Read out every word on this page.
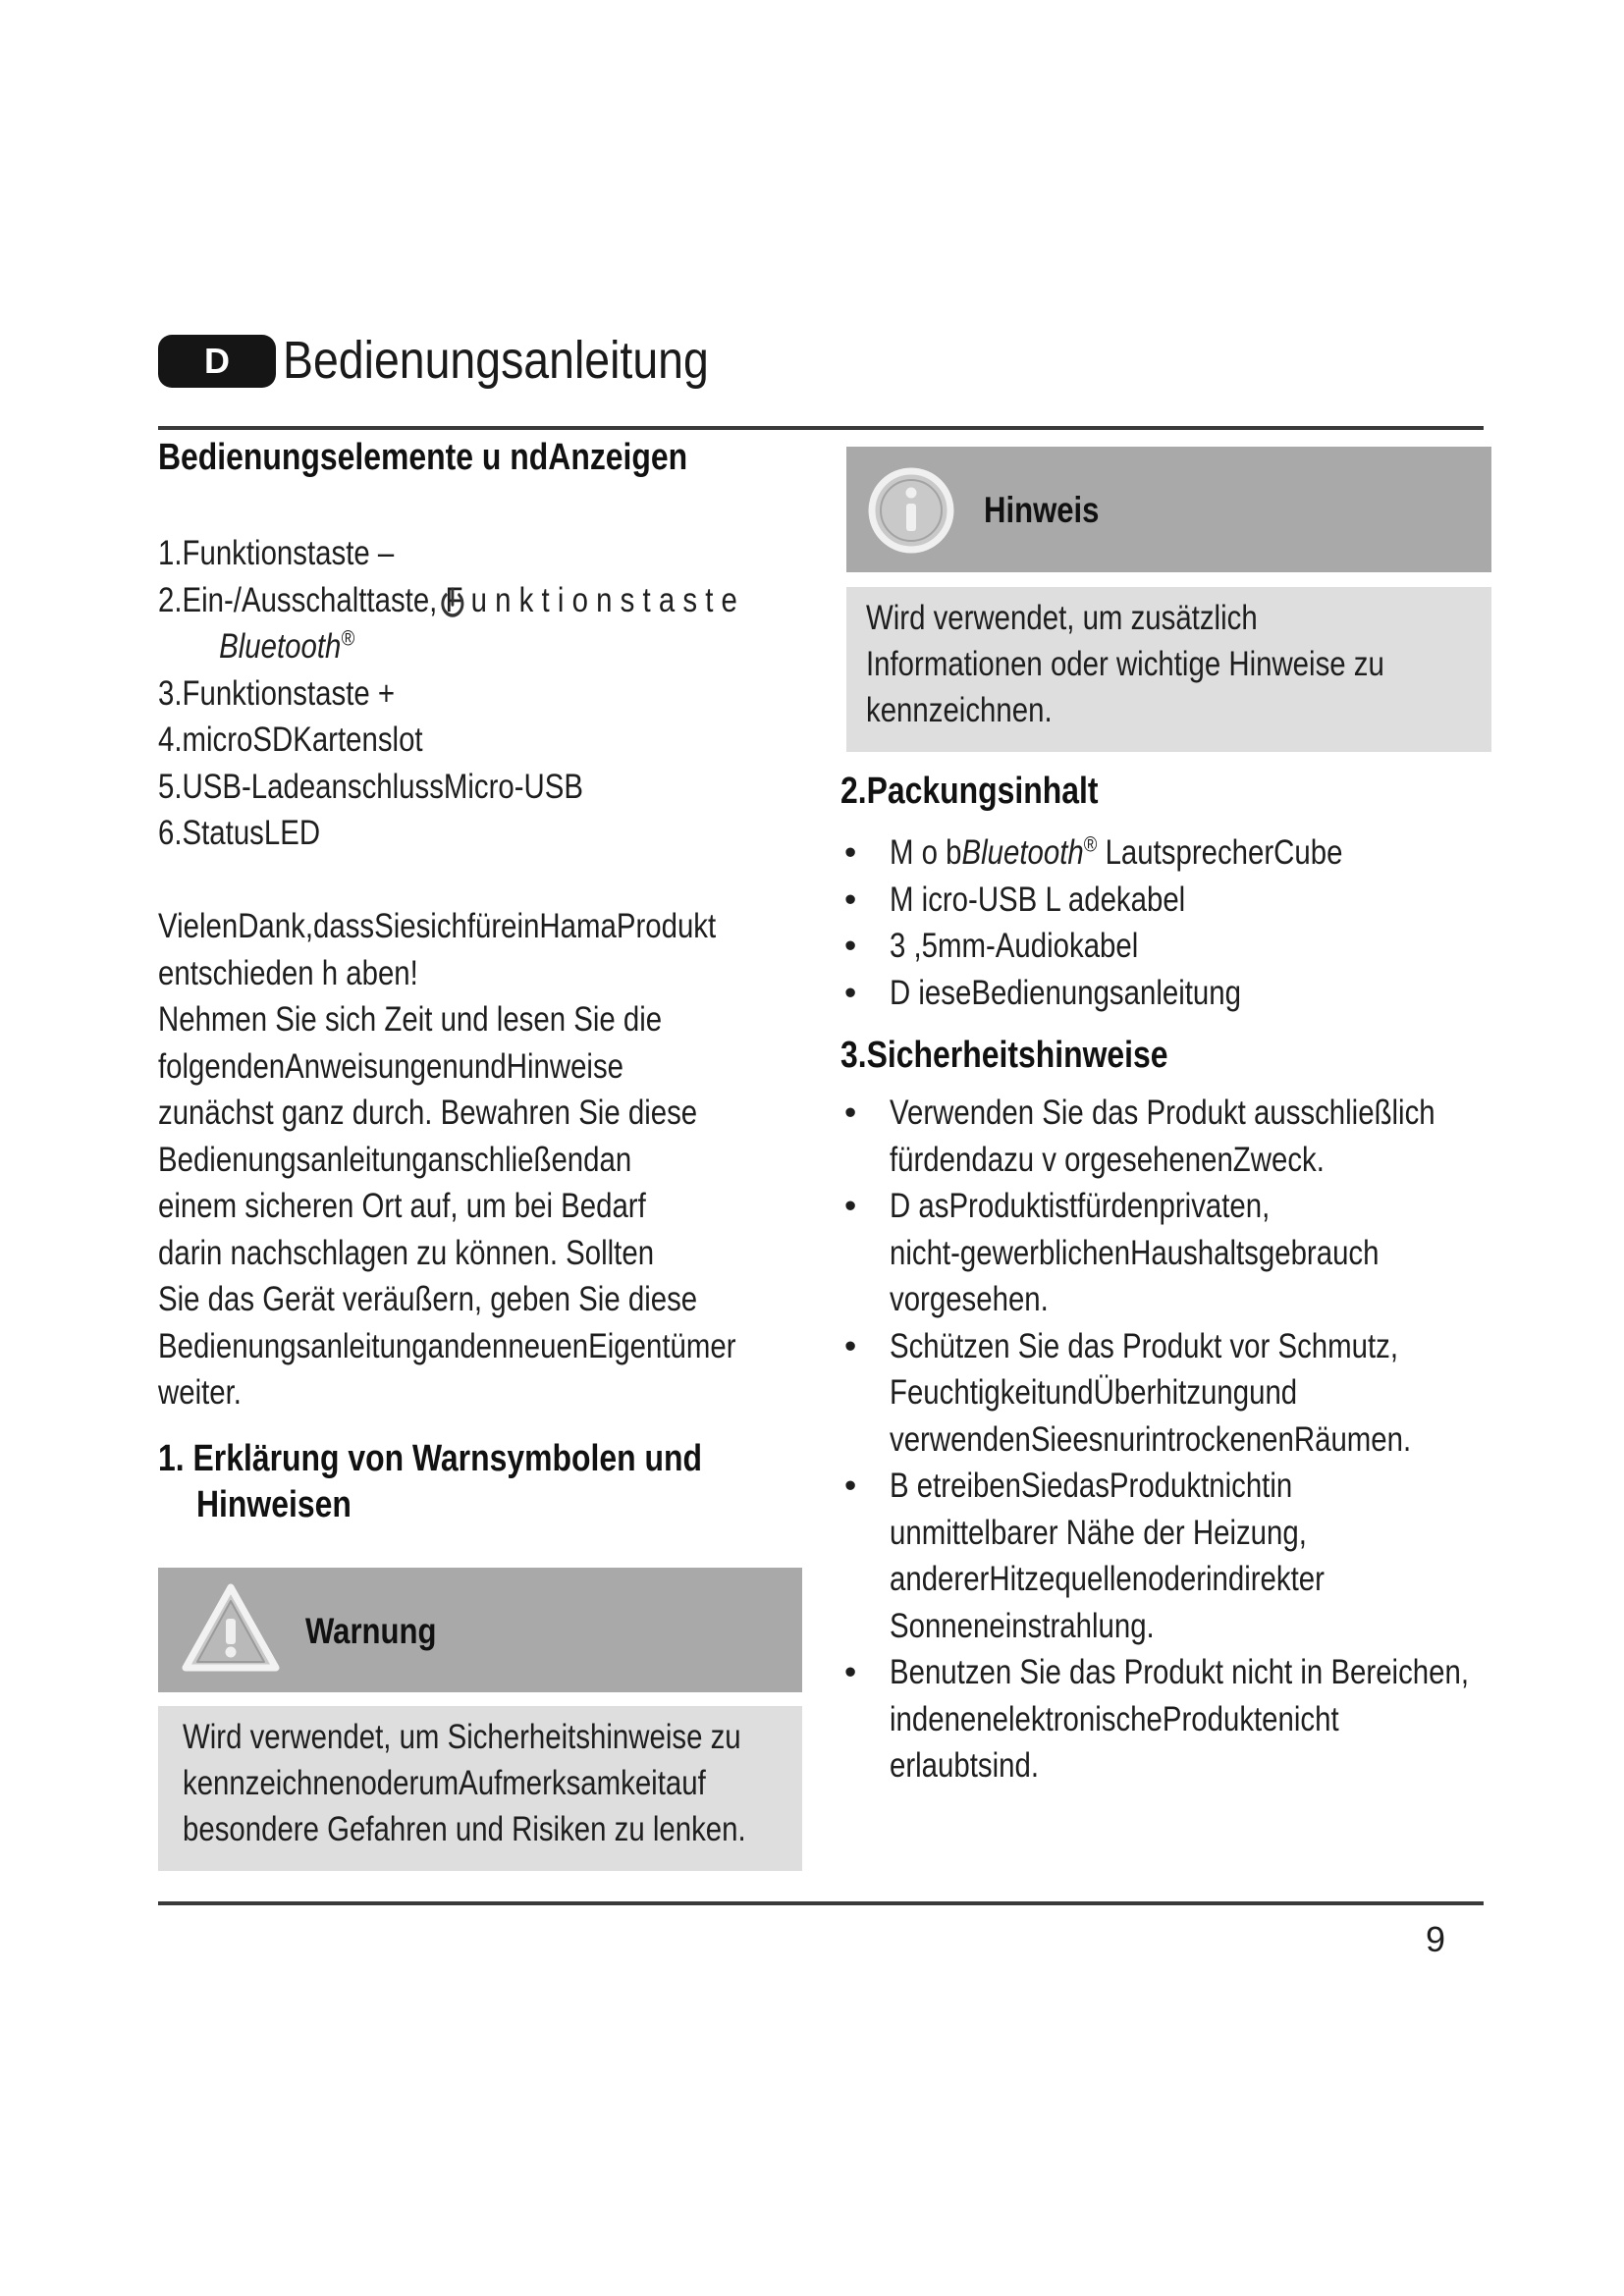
D	Bedienungsanleitung
Bedienungselemente u ndAnzeigen
1.Funktionstaste –
2.Ein-/Ausschalttaste, F u n k t i o n s t a s t e
Bluetooth®
3.Funktionstaste +
4.microSDKartenslot
5.USB-LadeanschlussMicro-USB
6.StatusLED
VielenDank,dassSiesichfüreinHamaProdukt
entschieden h aben!
Nehmen Sie sich Zeit und lesen Sie die
folgendenAnweisungenundHinweise
zunächst ganz durch. Bewahren Sie diese
Bedienungsanleitunganschließendan
einem sicheren Ort auf, um bei Bedarf
darin nachschlagen zu können. Sollten
Sie das Gerät veräußern, geben Sie diese
BedienungsanleitungandenneuenEigentümer
weiter.
1. Erklärung von Warnsymbolen und
Hinweisen
Warnung
Wird verwendet, um Sicherheitshinweise zu
kennzeichnenoderumAufmerksamkeitauf
besondere Gefahren und Risiken zu lenken.
Hinweis
Wird verwendet, um zusätzlich
Informationen oder wichtige Hinweise zu
kennzeichnen.
2.Packungsinhalt
• M o bBluetooth® LautsprecherCube
• M icro-USB L adekabel
• 3 ,5mm-Audiokabel
• D ieseBedienungsanleitung
3.Sicherheitshinweise
• Verwenden Sie das Produkt ausschließlich
fürdendazu v orgesehenenZweck.
• D asProduktistfürdenprivaten,
nicht-gewerblichenHaushaltsgebrauch
vorgesehen.
• Schützen Sie das Produkt vor Schmutz,
FeuchtigkeitundÜberhitzungund
verwendenSieesnurintrockenenRäumen.
• B etreibenSiedasProduktnichtin
unmittelbarer Nähe der Heizung,
andererHitzequellenoderindirekter
Sonneneinstrahlung.
• Benutzen Sie das Produkt nicht in Bereichen,
indenenelektronischeProduktenicht
erlaubtsind.
9
